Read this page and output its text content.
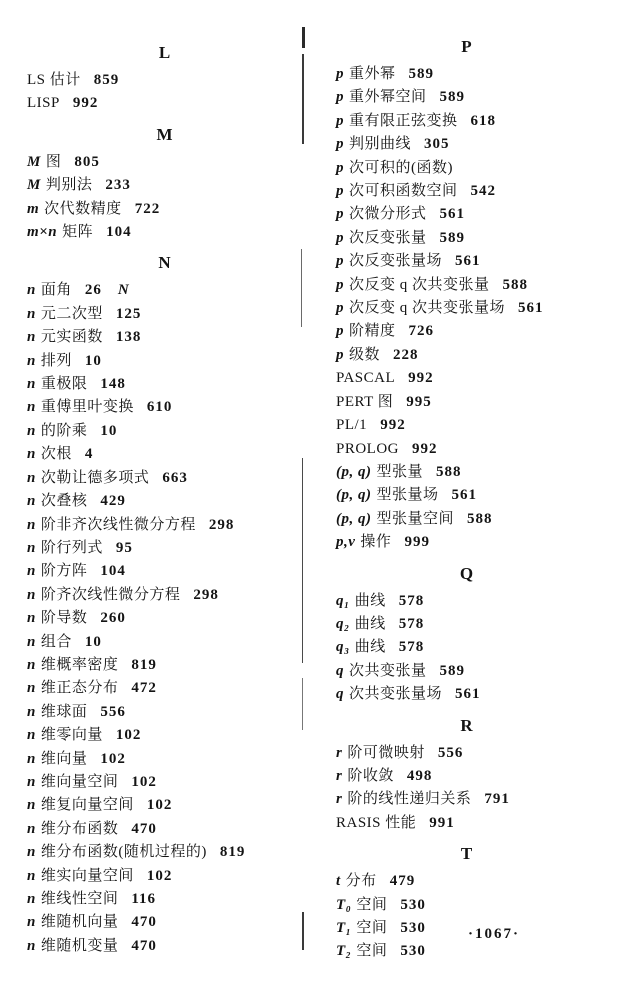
L
LS 估计 859
LISP 992
M
M 图 805
M 判别法 233
m 次代数精度 722
m×n 矩阵 104
N
n 面角 26 N
n 元二次型 125
n 元实函数 138
n 排列 10
n 重极限 148
n 重傅里叶变换 610
n 的阶乘 10
n 次根 4
n 次勒让德多项式 663
n 次叠核 429
n 阶非齐次线性微分方程 298
n 阶行列式 95
n 阶方阵 104
n 阶齐次线性微分方程 298
n 阶导数 260
n 组合 10
n 维概率密度 819
n 维正态分布 472
n 维球面 556
n 维零向量 102
n 维向量 102
n 维向量空间 102
n 维复向量空间 102
n 维分布函数 470
n 维分布函数(随机过程的) 819
n 维实向量空间 102
n 维线性空间 116
n 维随机向量 470
n 维随机变量 470
P
p 重外幂 589
p 重外幂空间 589
p 重有限正弦变换 618
p 判别曲线 305
p 次可积的(函数)
p 次可积函数空间 542
p 次微分形式 561
p 次反变张量 589
p 次反变张量场 561
p 次反变 q 次共变张量 588
p 次反变 q 次共变张量场 561
p 阶精度 726
p 级数 228
PASCAL 992
PERT 图 995
PL/1 992
PROLOG 992
(p, q) 型张量 588
(p, q) 型张量场 561
(p, q) 型张量空间 588
p,v 操作 999
Q
q₁ 曲线 578
q₂ 曲线 578
q₃ 曲线 578
q 次共变张量 589
q 次共变张量场 561
R
r 阶可微映射 556
r 阶收敛 498
r 阶的线性递归关系 791
RASIS 性能 991
T
t 分布 479
T₀ 空间 530
T₁ 空间 530
T₂ 空间 530
·1067·
